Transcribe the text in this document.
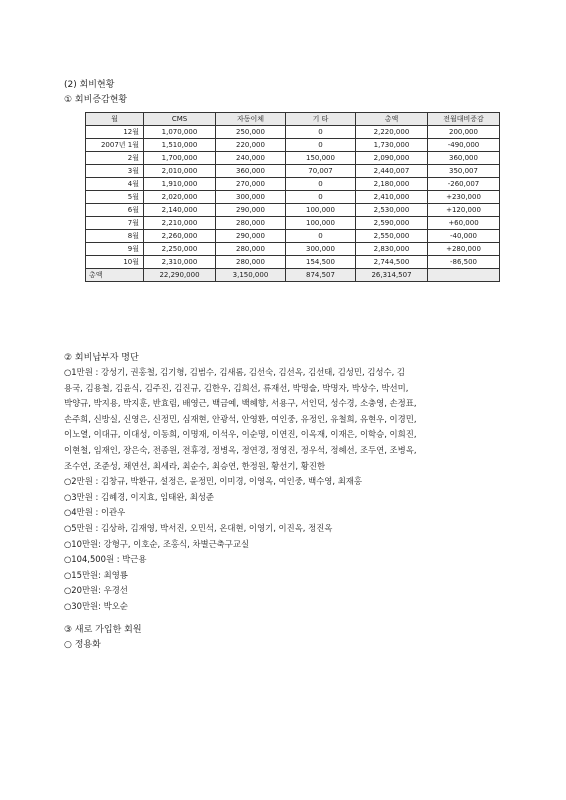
(2) 회비현황
① 회비증감현황
월	CMS	자동이체	기 타	총액	전월대비증감
12월	1,070,000	250,000	0	2,220,000	200,000
2007년 1월	1,510,000	220,000	0	1,730,000	-490,000
2월	1,700,000	240,000	150,000	2,090,000	360,000
3월	2,010,000	360,000	70,007	2,440,007	350,007
4월	1,910,000	270,000	0	2,180,000	-260,007
5월	2,020,000	300,000	0	2,410,000	+230,000
6월	2,140,000	290,000	100,000	2,530,000	+120,000
7월	2,210,000	280,000	100,000	2,590,000	+60,000
8월	2,260,000	290,000	0	2,550,000	-40,000
9월	2,250,000	280,000	300,000	2,830,000	+280,000
10월	2,310,000	280,000	154,500	2,744,500	-86,500
총액	22,290,000	3,150,000	874,507	26,314,507	
② 회비납부자 명단
○1만원 : 강성기, 권홍철, 김기형, 김범수, 김새롬, 김선숙, 김선옥, 김선태, 김성민, 김성수, 김
용국, 김용철, 김윤식, 김주진, 김진규, 김한우, 김희선, 류재선, 박명술, 박명자, 박상수, 박선미,
박양규, 박지용, 박지훈, 반효림, 배영근, 백금예, 백혜향, 서용구, 서인덕, 성수경, 소충영, 손정표,
손주희, 신방실, 신영은, 신정민, 심재현, 안광석, 안영환, 여인중, 유정인, 유철희, 유현우, 이경민,
이노열, 이대규, 이대성, 이동희, 이명재, 이석우, 이순명, 이연진, 이옥재, 이재은, 이학승, 이희진,
이현철, 임재인, 장은숙, 전종원, 전휴경, 정병옥, 정연경, 정영진, 정우석, 정혜선, 조두연, 조병옥,
조수연, 조준성, 채연선, 최세라, 최순수, 최승연, 한정원, 황선기, 황진한
○2만원 : 김창규, 박환규, 설정은, 윤정민, 이미경, 이영옥, 여인중, 백수영, 최재홍
○3만원 : 김혜경, 이지효, 임태완, 최성준
○4만원 : 이관우
○5만원 : 김상하, 김재영, 박서진, 오민석, 온대현, 이영기, 이진옥, 정진옥
○10만원: 강형구, 이호순, 조홍식, 차별근축구교실
○104,500원 : 박근용
○15만원: 최영룡
○20만원: 우경선
○30만원: 박오순
③ 새로 가입한 회원
○ 정용화
